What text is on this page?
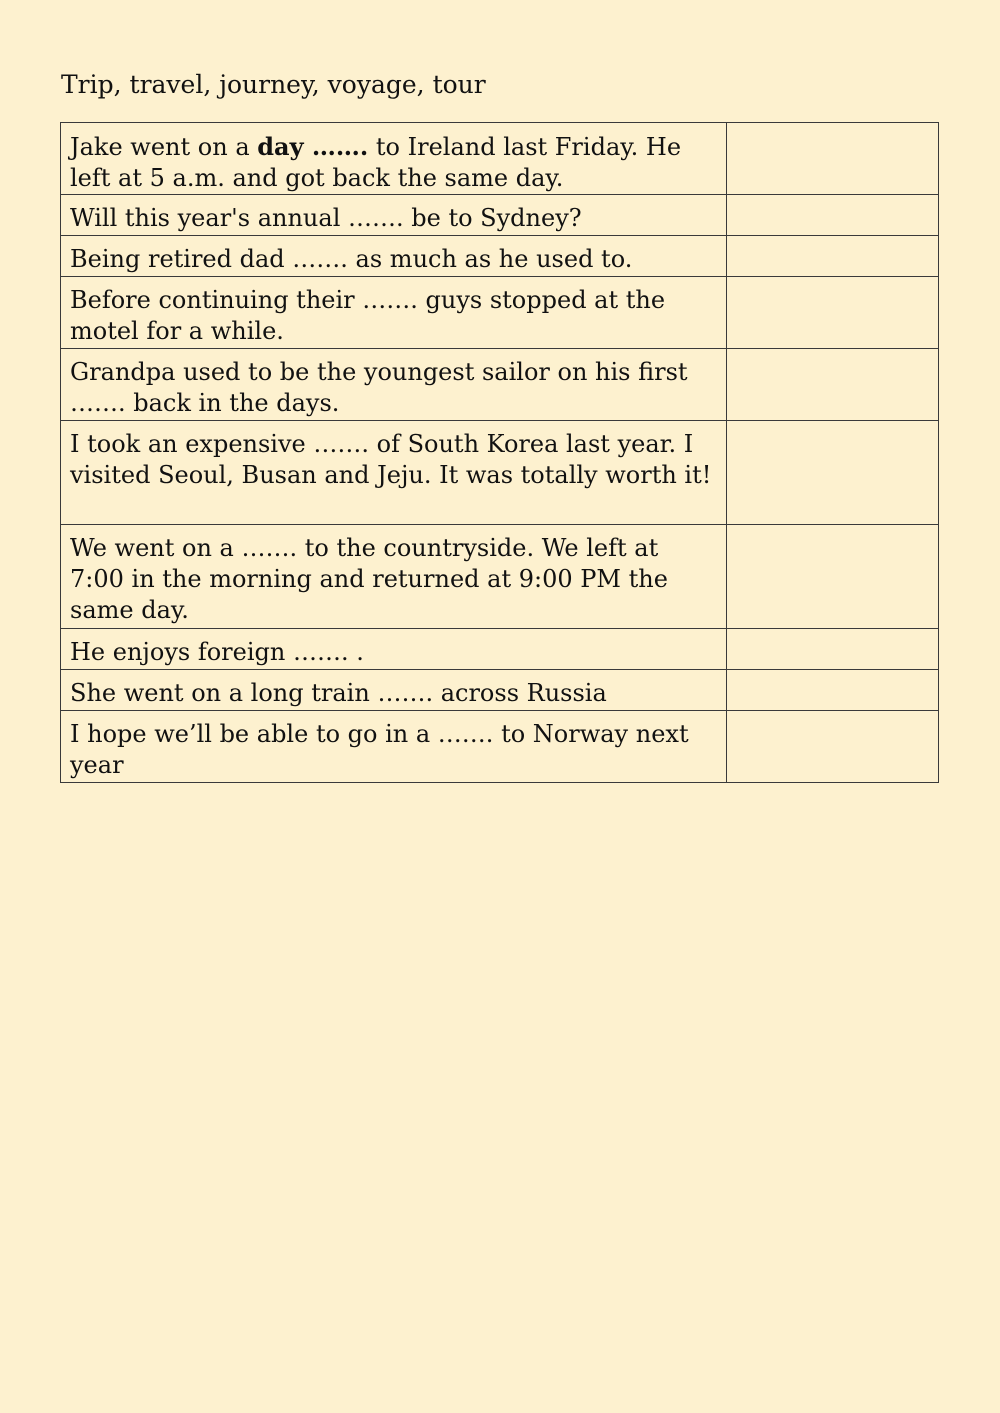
Trip, travel, journey, voyage, tour
Jake went on a day ……. to Ireland last Friday. He left at 5 a.m. and got back the same day.	
Will this year's annual ……. be to Sydney?	
Being retired dad ……. as much as he used to.	
Before continuing their ……. guys stopped at the motel for a while.	
Grandpa used to be the youngest sailor on his first ……. back in the days.	
I took an expensive ……. of South Korea last year. I visited Seoul, Busan and Jeju. It was totally worth it!	
We went on a ……. to the countryside. We left at 7:00 in the morning and returned at 9:00 PM the same day.	
He enjoys foreign ……. .	
She went on a long train ……. across Russia	
I hope we’ll be able to go in a ……. to Norway next year	
